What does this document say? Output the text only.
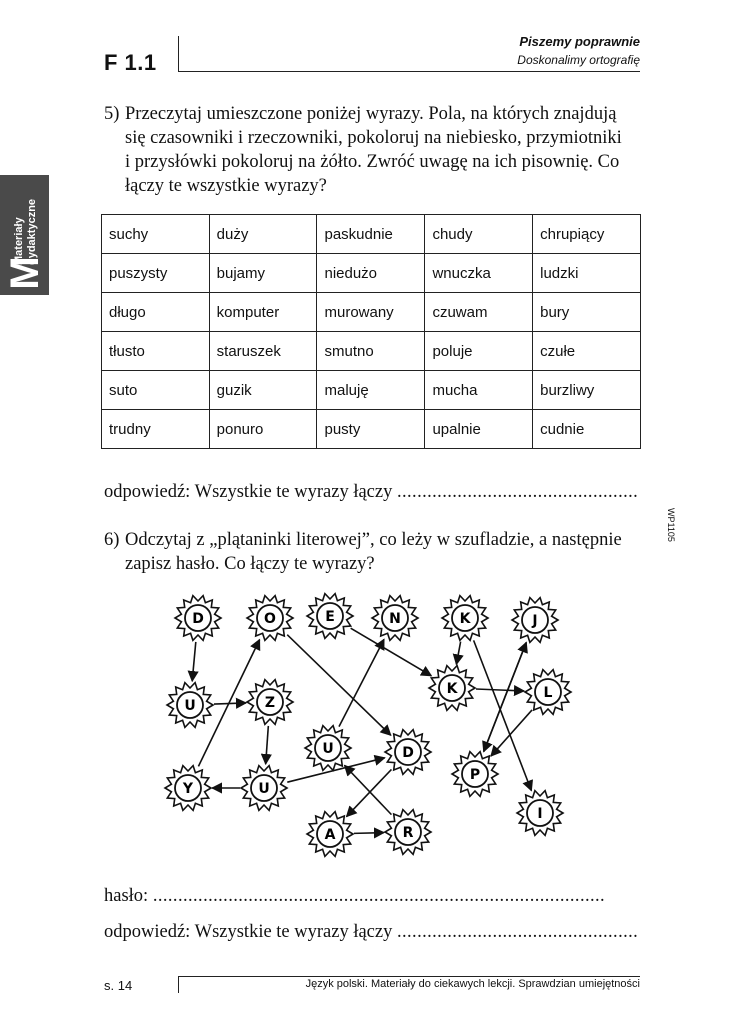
F 1.1
Piszemy poprawnie
Doskonalimy ortografię
M
Materiały dydaktyczne
5) Przeczytaj umieszczone poniżej wyrazy. Pola, na których znajdują
się czasowniki i rzeczowniki, pokoloruj na niebiesko, przymiotniki
i przysłówki pokoloruj na żółto. Zwróć uwagę na ich pisownię. Co
łączy te wszystkie wyrazy?
suchy	duży	paskudnie	chudy	chrupiący
puszysty	bujamy	niedużo	wnuczka	ludzki
długo	komputer	murowany	czuwam	bury
tłusto	staruszek	smutno	poluje	czułe
suto	guzik	maluję	mucha	burzliwy
trudny	ponuro	pusty	upalnie	cudnie
odpowiedź: Wszystkie te wyrazy łączy ................................................
WP1105
6) Odczytaj z „plątaninki literowej”, co leży w szufladzie, a następnie
zapisz hasło. Co łączy te wyrazy?
D	O	E	N	K	J
U	Z
K	L
U	D
P
Y	U
A	R
I
hasło: ..........................................................................................
odpowiedź: Wszystkie te wyrazy łączy ................................................
s. 14	Język polski. Materiały do ciekawych lekcji. Sprawdzian umiejętności
